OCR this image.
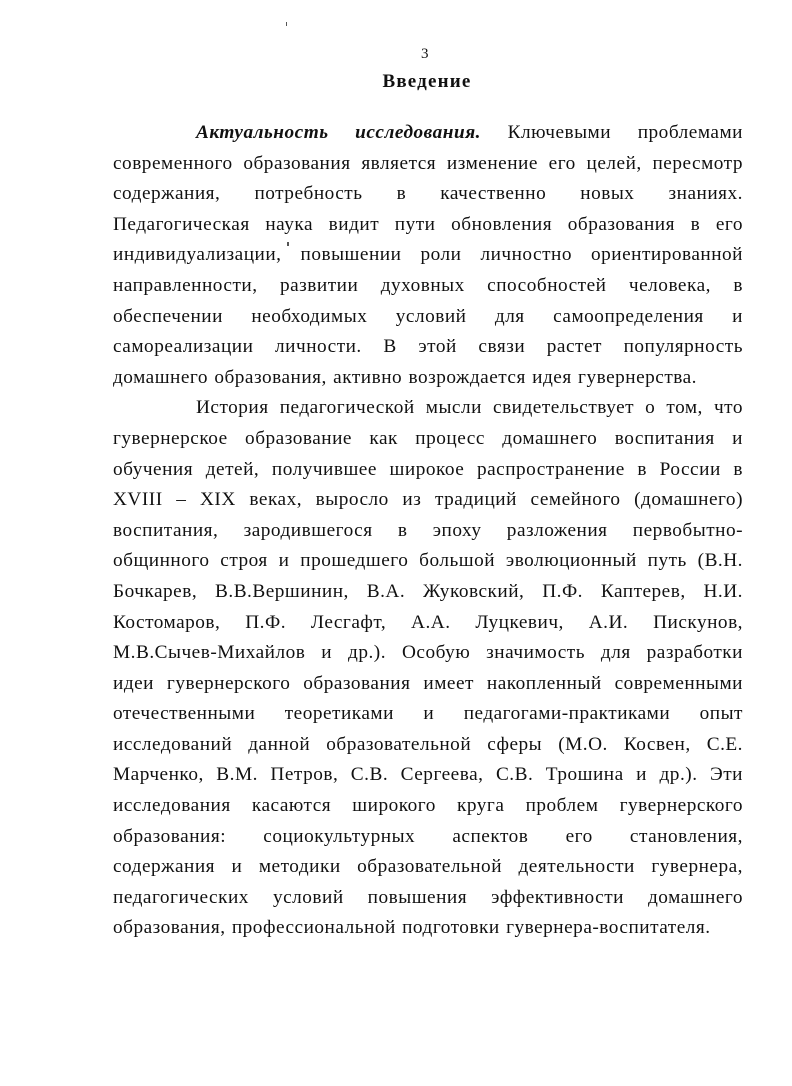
3
Введение

Актуальность исследования. Ключевыми проблемами
современного образования является изменение его целей, пересмотр
содержания, потребность в качественно новых знаниях.
Педагогическая наука видит пути обновления образования в его
индивидуализации, повышении роли личностно ориентированной
направленности, развитии духовных способностей человека, в
обеспечении необходимых условий для самоопределения и
самореализации личности. В этой связи растет популярность
домашнего образования, активно возрождается идея гувернерства.

История педагогической мысли свидетельствует о том, что
гувернерское образование как процесс домашнего воспитания и
обучения детей, получившее широкое распространение в России в
XVIII – XIX веках, выросло из традиций семейного (домашнего)
воспитания, зародившегося в эпоху разложения первобытно-
общинного строя и прошедшего большой эволюционный путь (В.Н.
Бочкарев, В.В.Вершинин, В.А. Жуковский, П.Ф. Каптерев, Н.И.
Костомаров, П.Ф. Лесгафт, А.А. Луцкевич, А.И. Пискунов,
М.В.Сычев-Михайлов и др.). Особую значимость для разработки
идеи гувернерского образования имеет накопленный современными
отечественными теоретиками и педагогами-практиками опыт
исследований данной образовательной сферы (М.О. Косвен, С.Е.
Марченко, В.М. Петров, С.В. Сергеева, С.В. Трошина и др.). Эти
исследования касаются широкого круга проблем гувернерского
образования: социокультурных аспектов его становления,
содержания и методики образовательной деятельности гувернера,
педагогических условий повышения эффективности домашнего
образования, профессиональной подготовки гувернера-воспитателя.
